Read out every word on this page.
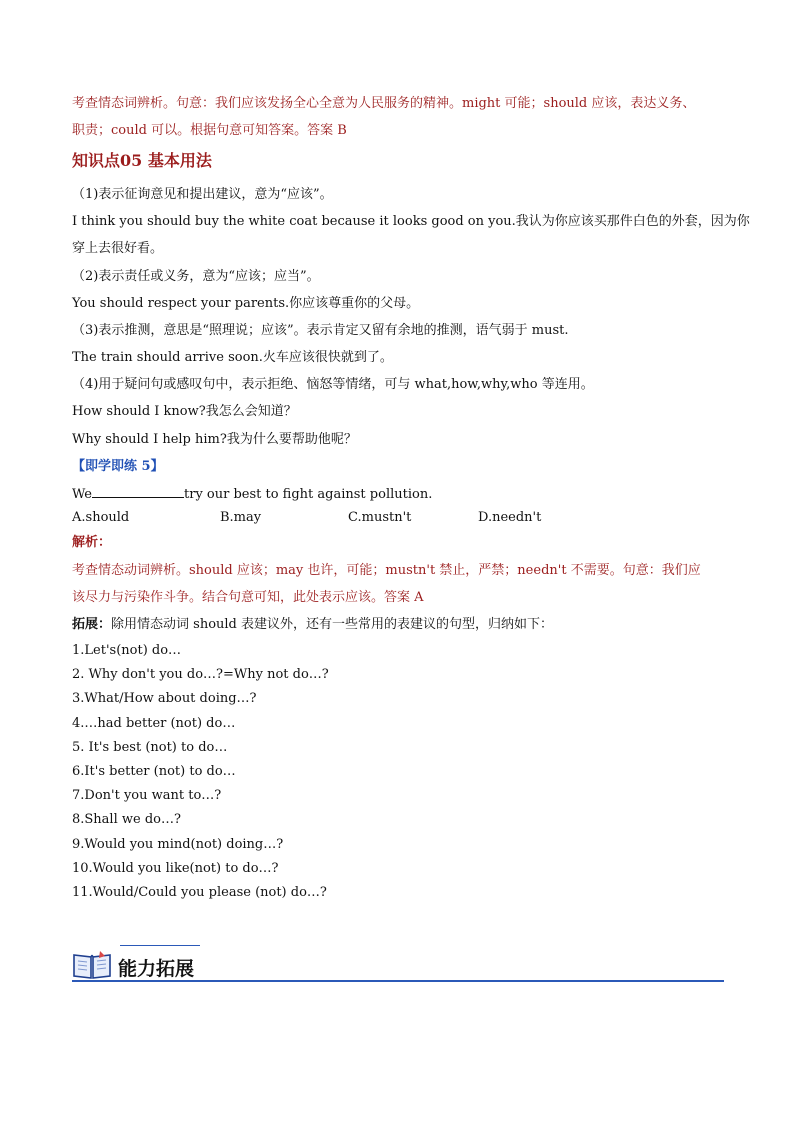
考查情态词辨析。句意：我们应该发扬全心全意为人民服务的精神。might 可能；should 应该，表达义务、
职责；could 可以。根据句意可知答案。答案 B
知识点05 基本用法
（1)表示征询意见和提出建议，意为“应该”。
I think you should buy the white coat because it looks good on you.我认为你应该买那件白色的外套，因为你
穿上去很好看。
（2)表示责任或义务，意为“应该；应当”。
You should respect your parents.你应该尊重你的父母。
（3)表示推测，意思是“照理说；应该”。表示肯定又留有余地的推测，语气弱于 must.
The train should arrive soon.火车应该很快就到了。
（4)用于疑问句或感叹句中，表示拒绝、恼怒等情绪，可与 what,how,why,who 等连用。
How should I know?我怎么会知道？
Why should I help him?我为什么要帮助他呢？
【即学即练 5】
We	try our best to fight against pollution.
A.should	B.may	C.mustn't	D.needn't
解析：
考查情态动词辨析。should 应该；may 也许，可能；mustn't 禁止，严禁；needn't 不需要。句意：我们应
该尽力与污染作斗争。结合句意可知，此处表示应该。答案 A
拓展：除用情态动词 should 表建议外，还有一些常用的表建议的句型，归纳如下：
1.Let's(not) do…
2. Why don't you do…?=Why not do…?
3.What/How about doing…?
4.…had better (not) do…
5. It's best (not) to do…
6.It's better (not) to do…
7.Don't you want to…?
8.Shall we do…?
9.Would you mind(not) doing…?
10.Would you like(not) to do…?
11.Would/Could you please (not) do…?
能力拓展
